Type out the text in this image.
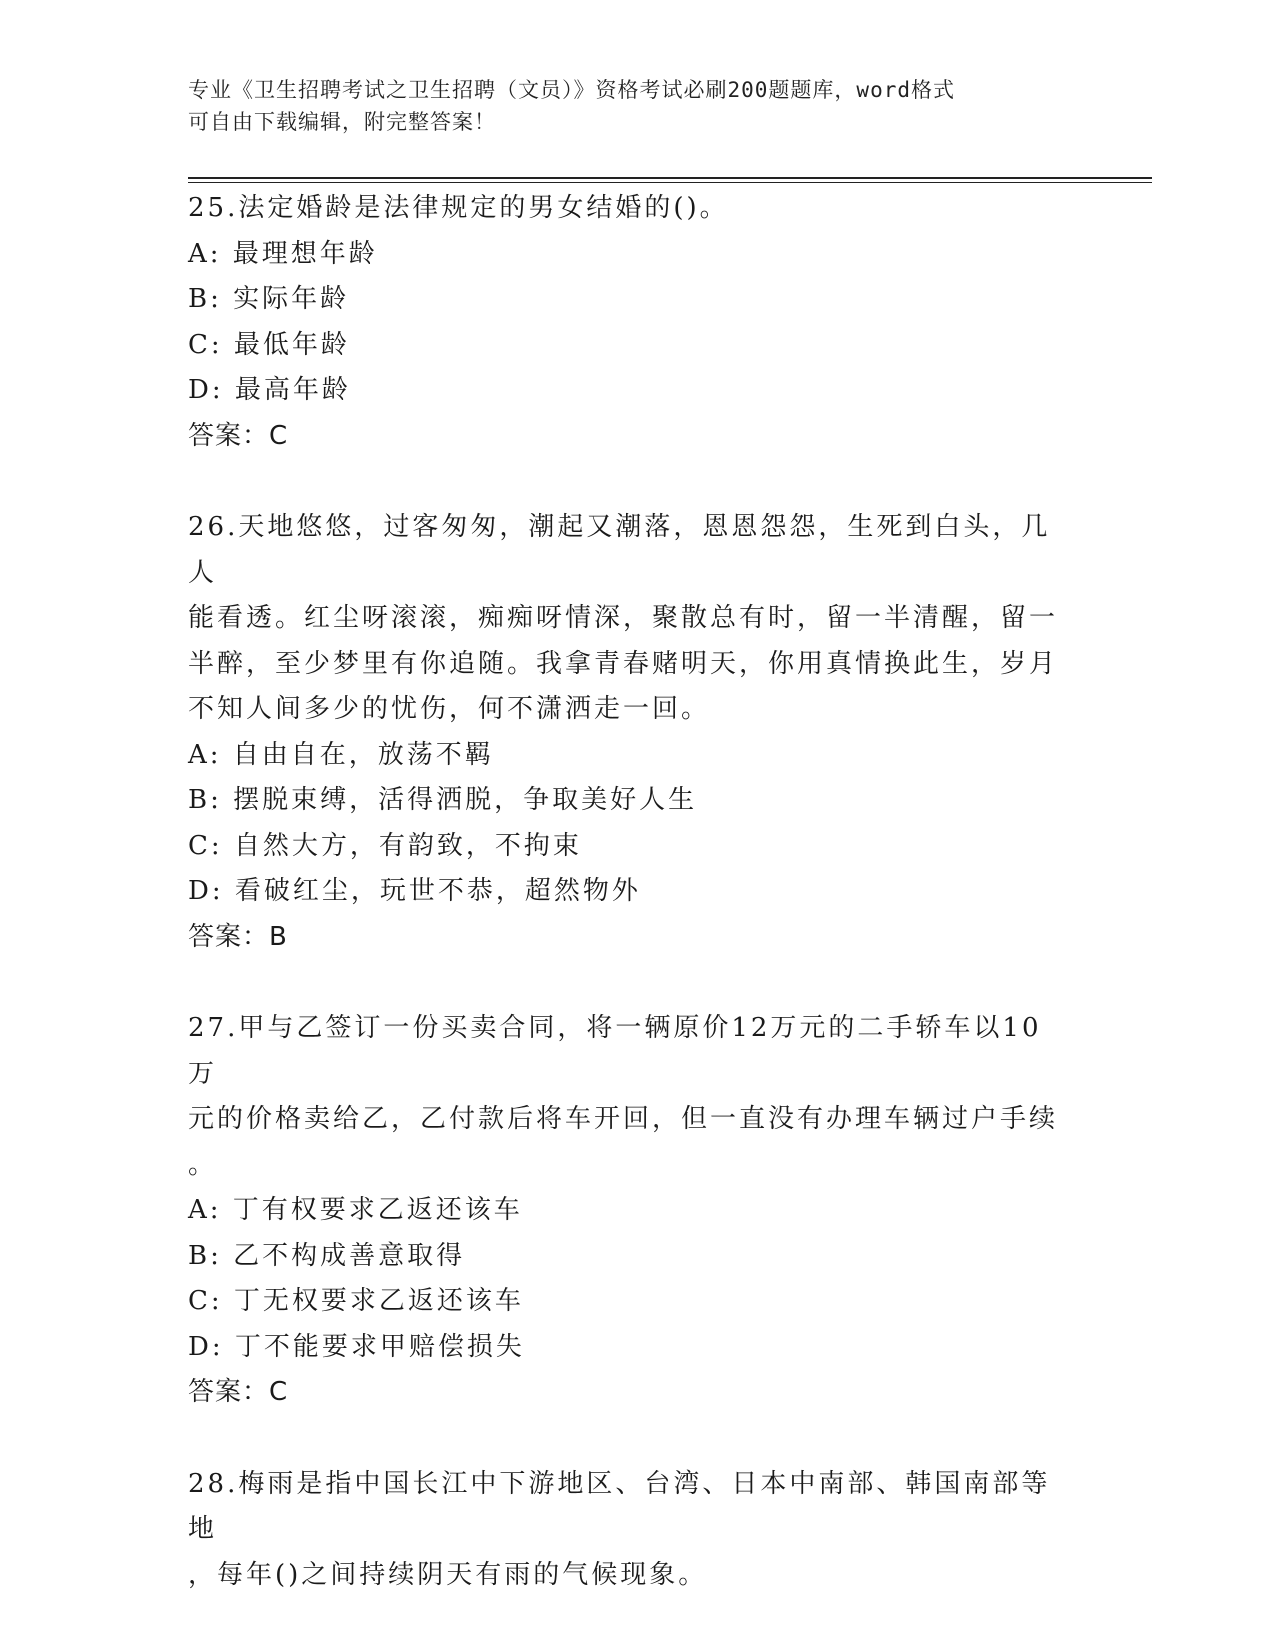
专业《卫生招聘考试之卫生招聘（文员）》资格考试必刷200题题库，word格式
可自由下载编辑，附完整答案！
25.法定婚龄是法律规定的男女结婚的()。
A: 最理想年龄
B: 实际年龄
C: 最低年龄
D: 最高年龄
答案：C
26.天地悠悠，过客匆匆，潮起又潮落，恩恩怨怨，生死到白头，几人
能看透。红尘呀滚滚，痴痴呀情深，聚散总有时，留一半清醒，留一
半醉，至少梦里有你追随。我拿青春赌明天，你用真情换此生，岁月
不知人间多少的忧伤，何不潇洒走一回。
A: 自由自在，放荡不羁
B: 摆脱束缚，活得洒脱，争取美好人生
C: 自然大方，有韵致，不拘束
D: 看破红尘，玩世不恭，超然物外
答案：B
27.甲与乙签订一份买卖合同，将一辆原价12万元的二手轿车以10万
元的价格卖给乙，乙付款后将车开回，但一直没有办理车辆过户手续
。
A: 丁有权要求乙返还该车
B: 乙不构成善意取得
C: 丁无权要求乙返还该车
D: 丁不能要求甲赔偿损失
答案：C
28.梅雨是指中国长江中下游地区、台湾、日本中南部、韩国南部等地
，每年()之间持续阴天有雨的气候现象。
